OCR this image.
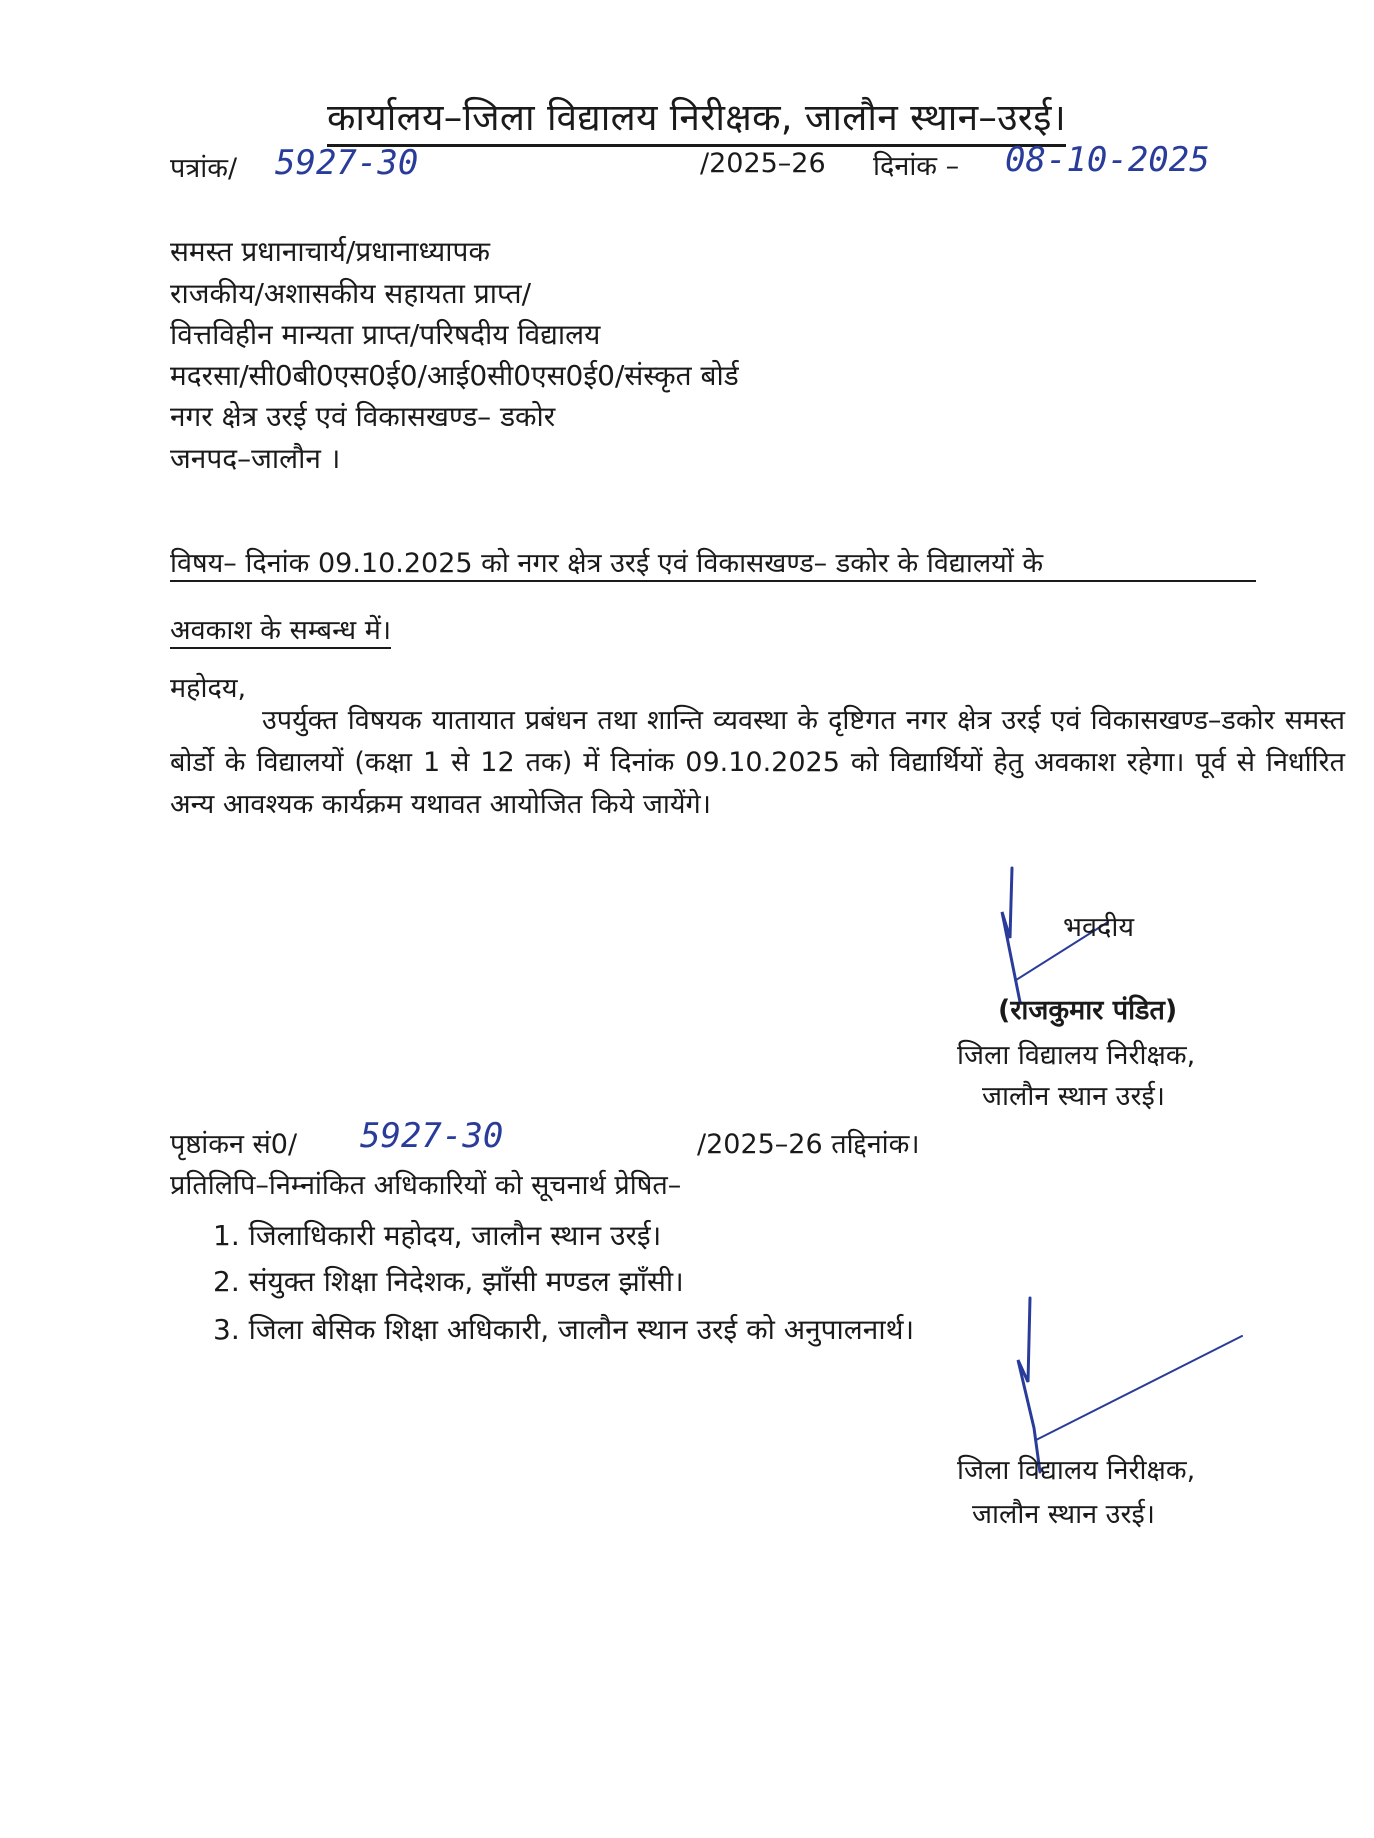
कार्यालय–जिला विद्यालय निरीक्षक, जालौन स्थान–उरई।
पत्रांक/ 5927-30	/2025–26 दिनांक – 08-10-2025
समस्त प्रधानाचार्य/प्रधानाध्यापक
राजकीय/अशासकीय सहायता प्राप्त/
वित्तविहीन मान्यता प्राप्त/परिषदीय विद्यालय
मदरसा/सी0बी0एस0ई0/आई0सी0एस0ई0/संस्कृत बोर्ड
नगर क्षेत्र उरई एवं विकासखण्ड– डकोर
जनपद–जालौन ।
विषय– दिनांक 09.10.2025 को नगर क्षेत्र उरई एवं विकासखण्ड– डकोर के विद्यालयों के
अवकाश के सम्बन्ध में।
महोदय,
उपर्युक्त विषयक यातायात प्रबंधन तथा शान्ति व्यवस्था के दृष्टिगत नगर क्षेत्र उरई एवं विकासखण्ड–डकोर समस्त बोर्डो के विद्यालयों (कक्षा 1 से 12 तक) में दिनांक 09.10.2025 को विद्यार्थियों हेतु अवकाश रहेगा। पूर्व से निर्धारित अन्य आवश्यक कार्यक्रम यथावत आयोजित किये जायेंगे।
भवदीय
(राजकुमार पंडित)
जिला विद्यालय निरीक्षक,
जालौन स्थान उरई।
पृष्ठांकन सं0/ 5927-30	/2025–26 तद्दिनांक।
प्रतिलिपि–निम्नांकित अधिकारियों को सूचनार्थ प्रेषित–
1. जिलाधिकारी महोदय, जालौन स्थान उरई।
2. संयुक्त शिक्षा निदेशक, झाँसी मण्डल झाँसी।
3. जिला बेसिक शिक्षा अधिकारी, जालौन स्थान उरई को अनुपालनार्थ।
जिला विद्यालय निरीक्षक,
जालौन स्थान उरई।
